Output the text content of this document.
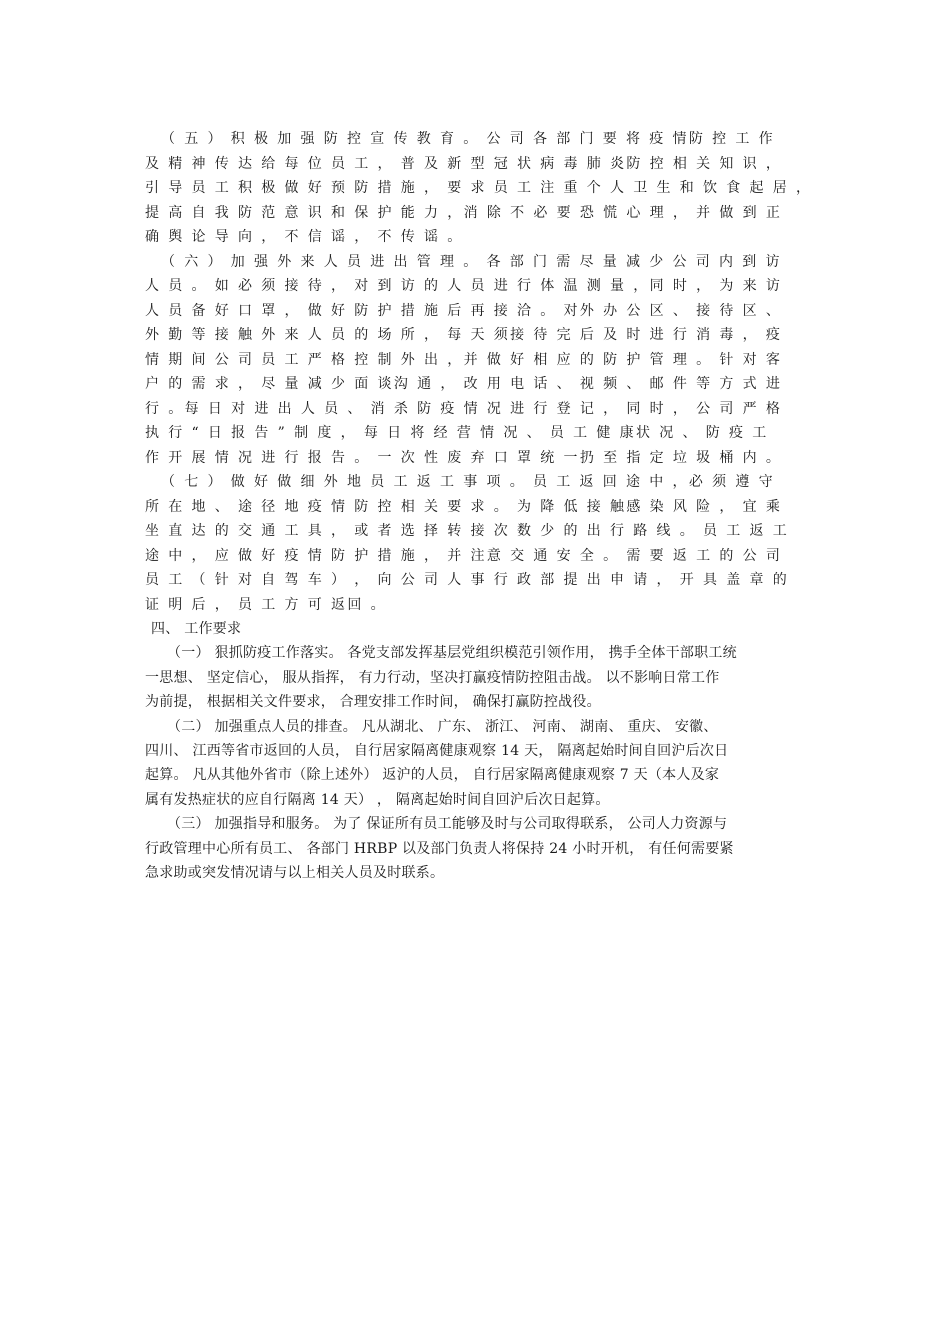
（ 五 ） 积 极 加 强 防 控 宣 传 教 育 。 公 司 各 部 门 要 将 疫 情防 控 工 作
及 精 神 传 达 给 每 位 员 工 ， 普 及 新 型 冠 状 病 毒 肺 炎防 控 相 关 知 识 ，
引 导 员 工 积 极 做 好 预 防 措 施 ， 要 求 员 工 注 重 个 人 卫 生 和 饮 食 起 居 ，
提 高 自 我 防 范 意 识 和 保 护 能 力 ，消 除 不 必 要 恐 慌 心 理 ， 并 做 到 正
确 舆 论 导 向 ， 不 信 谣 ， 不 传 谣 。
（ 六 ） 加 强 外 来 人 员 进 出 管 理 。 各 部 门 需 尽 量 减 少 公 司 内 到 访
人 员 。 如 必 须 接 待 ， 对 到 访 的 人 员 进 行 体 温 测 量 ，同 时 ， 为 来 访
人 员 备 好 口 罩 ， 做 好 防 护 措 施 后 再 接 洽 。 对外 办 公 区 、 接 待 区 、
外 勤 等 接 触 外 来 人 员 的 场 所 ， 每 天 须接 待 完 后 及 时 进 行 消 毒 ， 疫
情 期 间 公 司 员 工 严 格 控 制 外 出 ，并 做 好 相 应 的 防 护 管 理 。 针 对 客
户 的 需 求 ， 尽 量 减 少 面 谈沟 通 ， 改 用 电 话 、 视 频 、 邮 件 等 方 式 进
行 。每 日 对 进 出 人 员 、 消 杀 防 疫 情 况 进 行 登 记 ， 同 时 ， 公 司 严 格
执 行 “ 日 报 告 ” 制 度 ， 每 日 将 经 营 情 况 、 员 工 健 康状 况 、 防 疫 工
作 开 展 情 况 进 行 报 告 。 一 次 性 废 弃 口 罩 统 一扔 至 指 定 垃 圾 桶 内 。
（ 七 ） 做 好 做 细 外 地 员 工 返 工 事 项 。 员 工 返 回 途 中 ，必 须 遵 守
所 在 地 、 途 径 地 疫 情 防 控 相 关 要 求 。 为 降 低 接 触感 染 风 险 ， 宜 乘
坐 直 达 的 交 通 工 具 ， 或 者 选 择 转 接 次 数 少 的 出 行 路 线 。 员 工 返 工
途 中 ， 应 做 好 疫 情 防 护 措 施 ， 并 注意 交 通 安 全 。 需 要 返 工 的 公 司
员 工 （ 针 对 自 驾 车 ） ， 向 公 司 人 事 行 政 部 提 出 申 请 ， 开 具 盖 章 的
证 明 后 ， 员 工 方 可 返回 。
四、 工作要求
（一） 狠抓防疫工作落实。 各党支部发挥基层党组织模范引领作用， 携手全体干部职工统
一思想、 坚定信心， 服从指挥， 有力行动，坚决打赢疫情防控阻击战。 以不影响日常工作
为前提， 根据相关文件要求， 合理安排工作时间， 确保打赢防控战役。
（二） 加强重点人员的排查。 凡从湖北、 广东、 浙江、 河南、 湖南、 重庆、 安徽、
四川、 江西等省市返回的人员， 自行居家隔离健康观察 14 天， 隔离起始时间自回沪后次日
起算。 凡从其他外省市（除上述外） 返沪的人员， 自行居家隔离健康观察 7 天（本人及家
属有发热症状的应自行隔离 14 天） ， 隔离起始时间自回沪后次日起算。
（三） 加强指导和服务。 为了 保证所有员工能够及时与公司取得联系， 公司人力资源与
行政管理中心所有员工、 各部门 HRBP 以及部门负责人将保持 24 小时开机， 有任何需要紧
急求助或突发情况请与以上相关人员及时联系。
